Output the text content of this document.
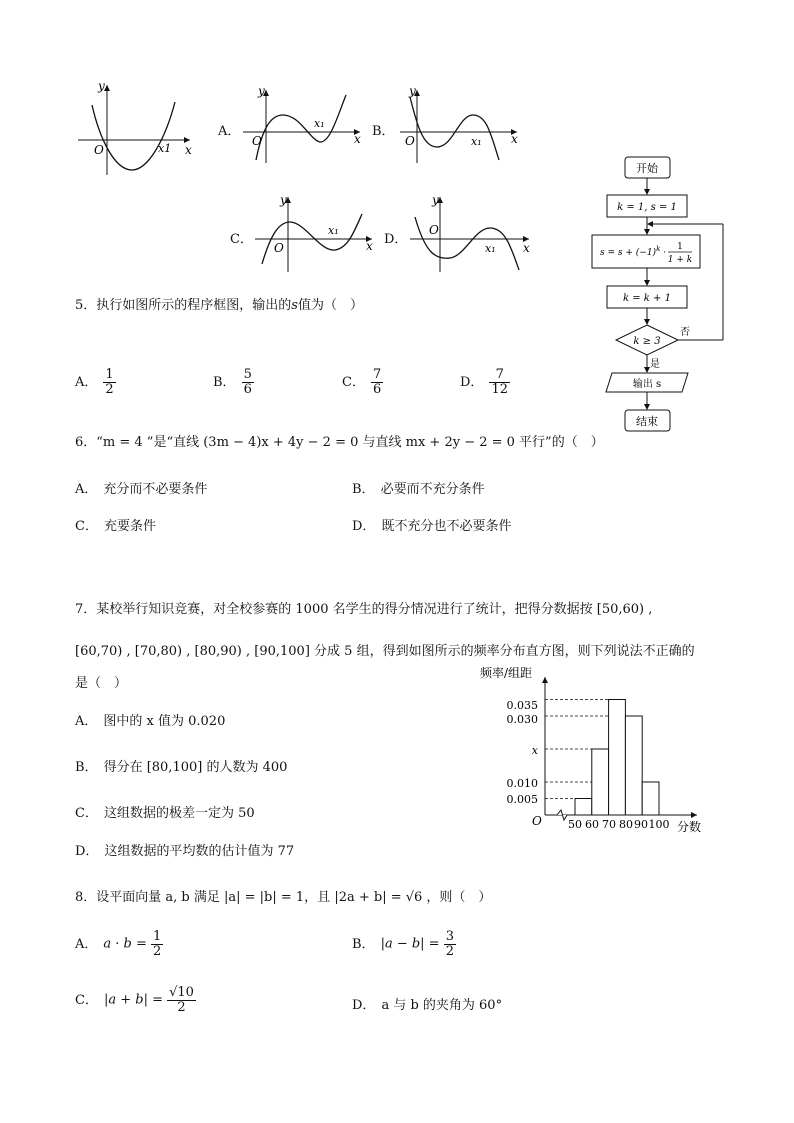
y
O	x1 x
A．
y
O
x₁
x B．
y
O	x₁ x
C．
y
O
x₁
x D．
y
O
x₁ x
开始
k = 1, s = 1
$s = s + (-1)^k$ ·
1
1 + k
k = k + 1
k ≥ 3
否
是
输出 s
结束
5．执行如图所示的程序框图，输出的s值为（　）
A． $\frac{1}{2}$	B． $\frac{5}{6}$	C． $\frac{7}{6}$	D． $\frac{7}{12}$
6．“m = 4 ”是“直线 (3m − 4)x + 4y − 2 = 0 与直线 mx + 2y − 2 = 0 平行”的（　）
A． 充分而不必要条件	B． 必要而不充分条件
C． 充要条件	D． 既不充分也不必要条件
7．某校举行知识竞赛，对全校参赛的 1000 名学生的得分情况进行了统计，把得分数据按 [50,60) ,
[60,70) , [70,80) , [80,90) , [90,100] 分成 5 组，得到如图所示的频率分布直方图，则下列说法不正确的
是（　）
A． 图中的 x 值为 0.020
B． 得分在 [80,100] 的人数为 400
C． 这组数据的极差一定为 50
D． 这组数据的平均数的估计值为 77
频率/组距
分数
O
0.035
0.030
x
0.010
0.005
50 60 70 80 90 100
8．设平面向量 a, b 满足 |a| = |b| = 1，且 |2a + b| = √6 ，则（　）
A． $a \cdot b = \frac{1}{2}$	B． $|a - b| = \frac{3}{2}$
C． $|a + b| = \frac{√10}{2}$	D． a 与 b 的夹角为 60°
